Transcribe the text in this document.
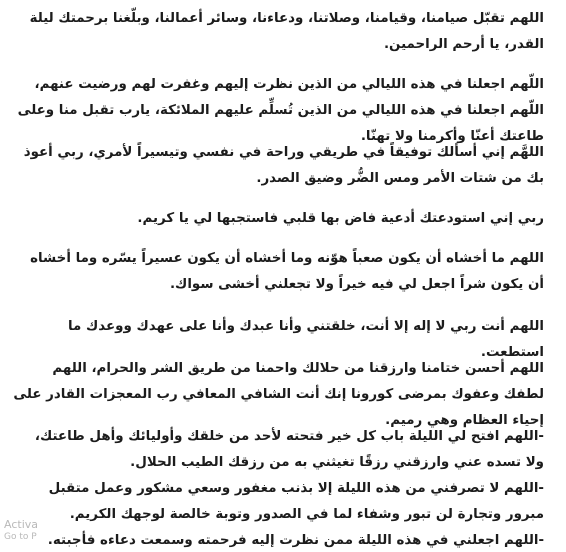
اللهم تقبّل صيامنا، وقيامنا، وصلاتنا، ودعاءنا، وسائر أعمالنا، وبلّغنا برحمتك ليلة القدر، يا أرحم الراحمين.

اللّهم اجعلنا في هذه الليالي من الذين نظرت إليهم وغفرت لهم ورضيت عنهم، اللّهم اجعلنا في هذه الليالي من الذين تُسلِّم عليهم الملائكة، يارب تقبل منا وعلى طاعتك أعنّا وأكرمنا ولا تهنّا.

اللهَّم إني أسألك توفيقاً في طريقي وراحة في نفسي وتيسيراً لأمري، ربي أعوذ بك من شتات الأمر ومس الضُّر وضيق الصدر.

ربي إني استودعتك أدعية فاض بها قلبي فاستجبها لي يا كريم.

اللهم ما أخشاه أن يكون صعباً هوّنه وما أخشاه أن يكون عسيراً يسّره وما أخشاه أن يكون شراً اجعل لي فيه خيراً ولا تجعلني أخشى سواك.

اللهم أنت ربي لا إله إلا أنت، خلقتني وأنا عبدك وأنا على عهدك ووعدك ما استطعت.

اللهم أحسن ختامنا وارزقنا من حلالك واحمنا من طريق الشر والحرام، اللهم لطفك وعفوك بمرضى كورونا إنك أنت الشافي المعافي رب المعجزات القادر على إحياء العظام وهي رميم.

-اللهم افتح لي الليلة باب كل خير فتحته لأحد من خلقك وأوليائك وأهل طاعتك، ولا تسده عني وارزقني رزقًا تغيثني به من رزقك الطيب الحلال.
-اللهم لا تصرفني من هذه الليلة إلا بذنب مغفور وسعي مشكور وعمل متقبل مبرور وتجارة لن تبور وشفاء لما في الصدور وتوبة خالصة لوجهك الكريم.
-اللهم اجعلني في هذه الليلة ممن نظرت إليه فرحمته وسمعت دعاءه فأجبته.

Activa
Go to P
